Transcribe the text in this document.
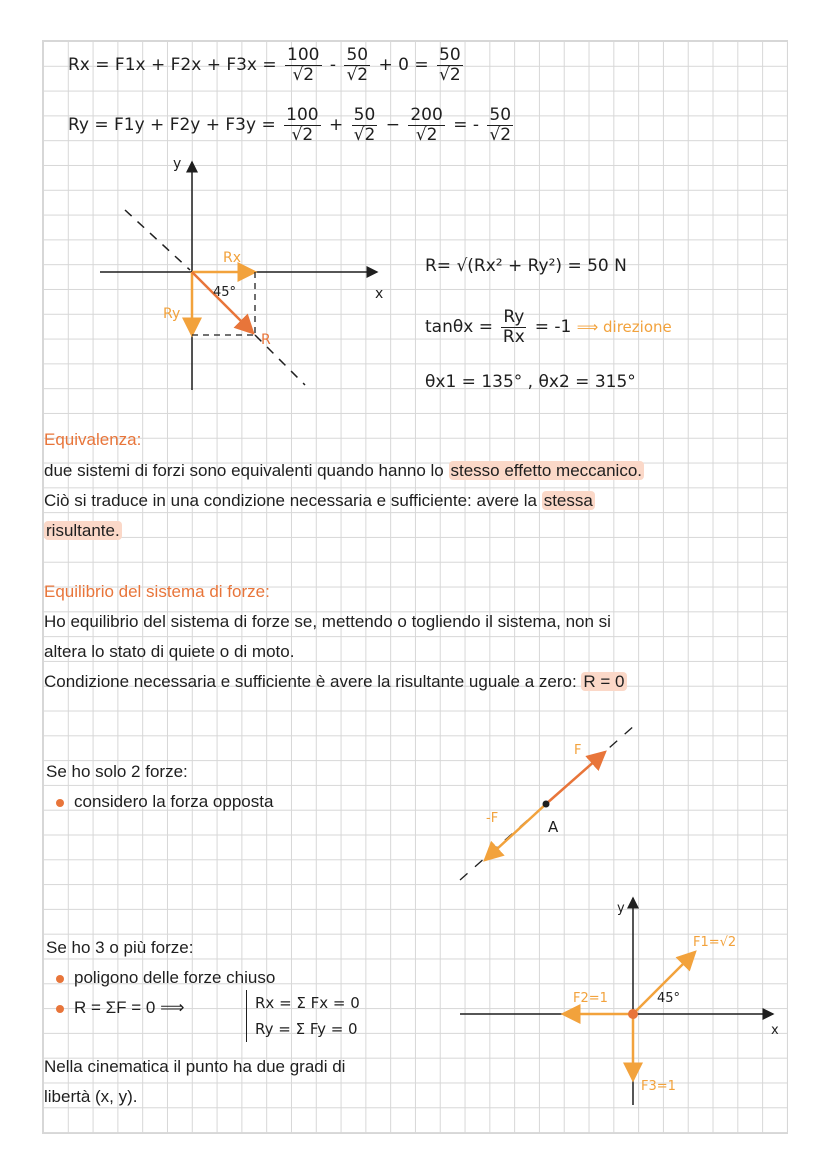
$Rx = F1x + F2x + F3x = \frac{100}{√2} - \frac{50}{√2} + 0 = \frac{50}{√2}$
$Ry = F1y + F2y + F3y = \frac{100}{√2} + \frac{50}{√2} - \frac{200}{√2}$ = - $\frac{50}{√2}$
y
x
45°
Rx
Ry
R
R= √(Rx² + Ry²) = 50 N
$\tan\theta x = \frac{Ry}{Rx} = -1$ ⟹ direzione
θx1 = 135° , θx2 = 315°
Equivalenza:
due sistemi di forzi sono equivalenti quando hanno lo stesso effetto meccanico.
Ciò si traduce in una condizione necessaria e sufficiente: avere la stessa
risultante.
Equilibrio del sistema di forze:
Ho equilibrio del sistema di forze se, mettendo o togliendo il sistema, non si
altera lo stato di quiete o di moto.
Condizione necessaria e sufficiente è avere la risultante uguale a zero: R = 0
Se ho solo 2 forze:
considero la forza opposta
F
-F	A
Se ho 3 o più forze:
poligono delle forze chiuso
R = ΣF = 0 ⟹	Rx = Σ Fx = 0
Ry = Σ Fy = 0
Nella cinematica il punto ha due gradi di
libertà (x, y).
y
x
F1=√2
F2=1
F3=1
45°
